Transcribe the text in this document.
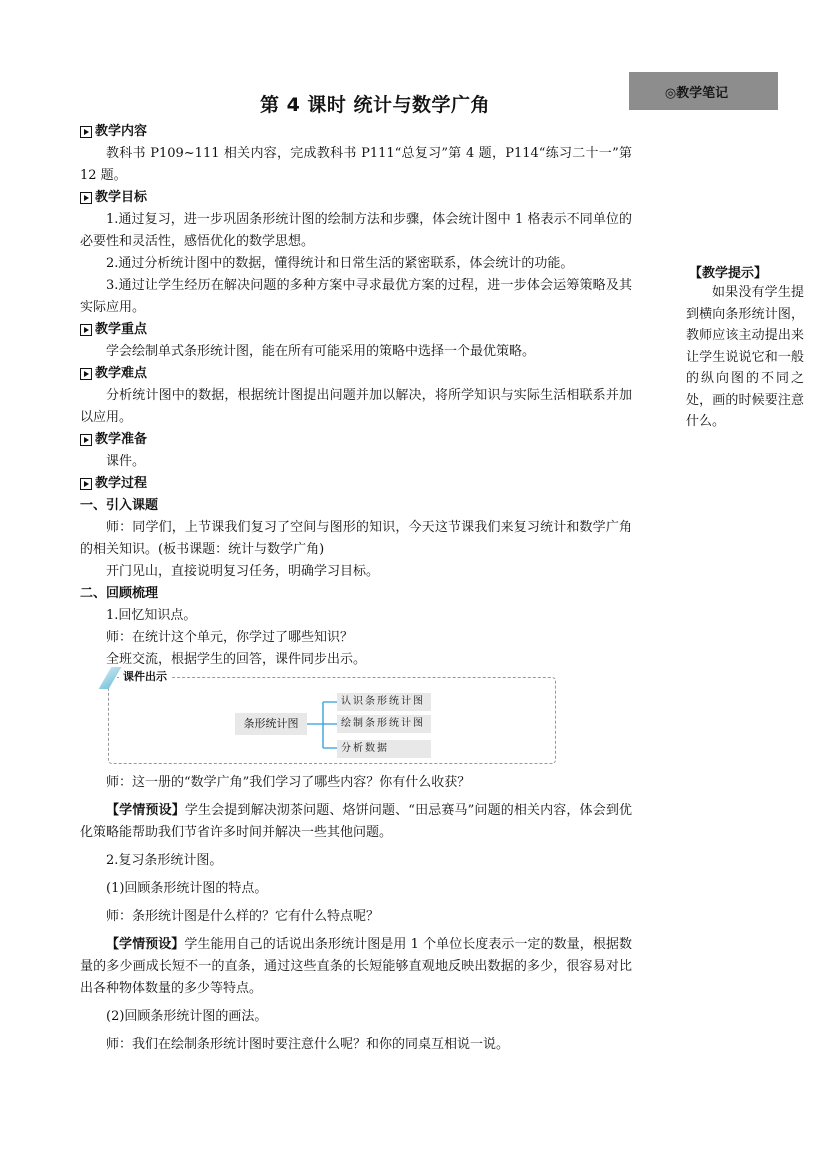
第 4 课时 统计与数学广角
◎教学笔记
教学内容

教科书 P109~111 相关内容，完成教科书 P111“总复习”第 4 题，P114“练习二十一”第 12 题。

教学目标

1.通过复习，进一步巩固条形统计图的绘制方法和步骤，体会统计图中 1 格表示不同单位的必要性和灵活性，感悟优化的数学思想。

2.通过分析统计图中的数据，懂得统计和日常生活的紧密联系，体会统计的功能。

3.通过让学生经历在解决问题的多种方案中寻求最优方案的过程，进一步体会运筹策略及其实际应用。

教学重点

学会绘制单式条形统计图，能在所有可能采用的策略中选择一个最优策略。

教学难点

分析统计图中的数据，根据统计图提出问题并加以解决，将所学知识与实际生活相联系并加以应用。

教学准备

课件。

教学过程
一、引入课题

师：同学们，上节课我们复习了空间与图形的知识，今天这节课我们来复习统计和数学广角的相关知识。(板书课题：统计与数学广角)

开门见山，直接说明复习任务，明确学习目标。

二、回顾梳理

1.回忆知识点。

师：在统计这个单元，你学过了哪些知识？

全班交流，根据学生的回答，课件同步出示。

课件出示
条形统计图
认识条形统计图
绘制条形统计图
分析数据

师：这一册的“数学广角”我们学习了哪些内容？你有什么收获？

【学情预设】学生会提到解决沏茶问题、烙饼问题、“田忌赛马”问题的相关内容，体会到优化策略能帮助我们节省许多时间并解决一些其他问题。

2.复习条形统计图。

(1)回顾条形统计图的特点。

师：条形统计图是什么样的？它有什么特点呢？

【学情预设】学生能用自己的话说出条形统计图是用 1 个单位长度表示一定的数量，根据数量的多少画成长短不一的直条，通过这些直条的长短能够直观地反映出数据的多少，很容易对比出各种物体数量的多少等特点。

(2)回顾条形统计图的画法。

师：我们在绘制条形统计图时要注意什么呢？和你的同桌互相说一说。

【教学提示】
如果没有学生提到横向条形统计图，教师应该主动提出来让学生说说它和一般的纵向图的不同之处，画的时候要注意什么。
